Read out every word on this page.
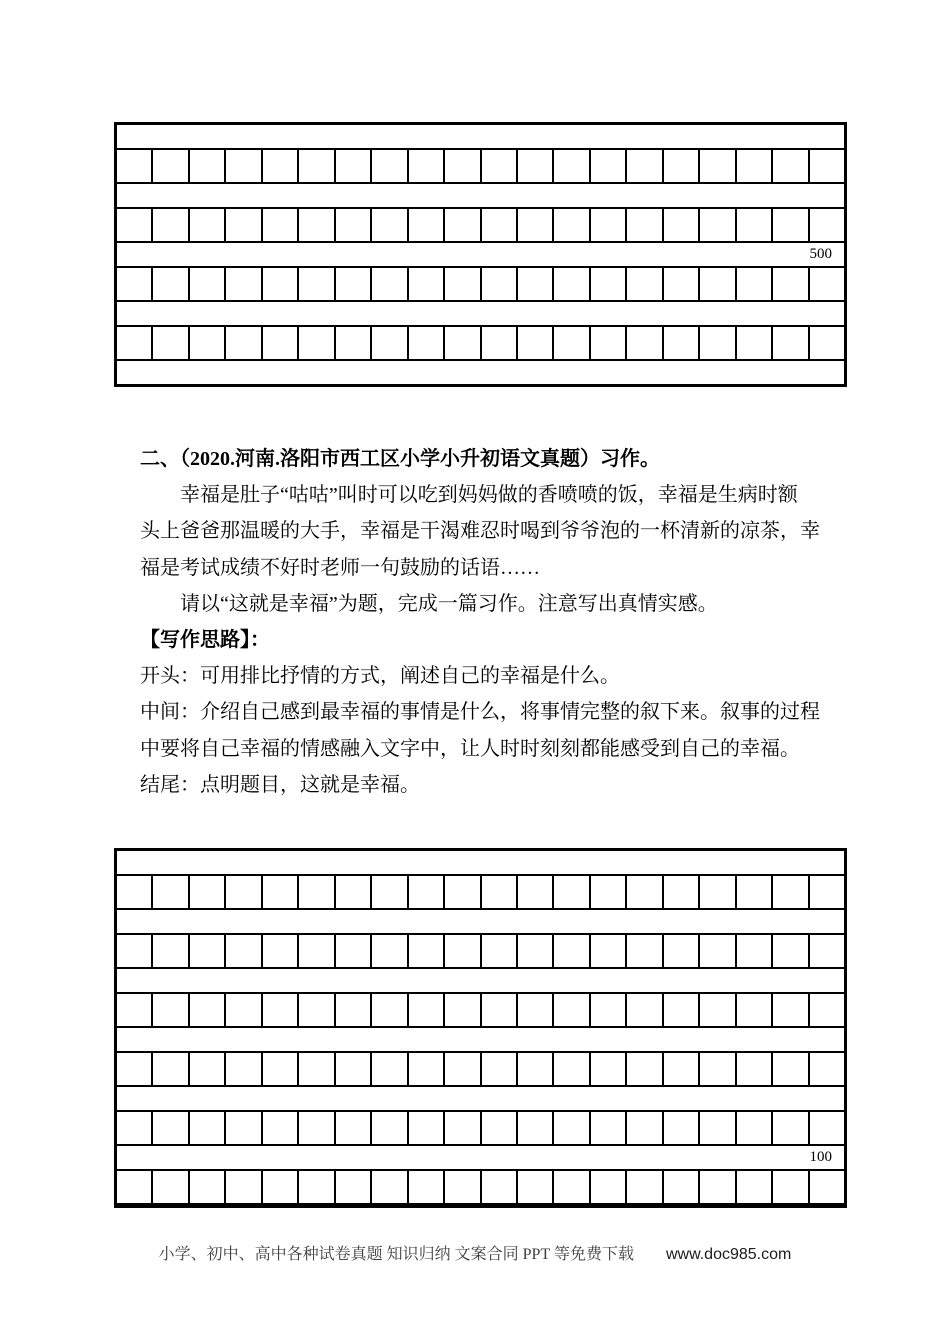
500
二、（2020.河南.洛阳市西工区小学小升初语文真题）习作。
幸福是肚子“咕咕”叫时可以吃到妈妈做的香喷喷的饭，幸福是生病时额
头上爸爸那温暖的大手，幸福是干渴难忍时喝到爷爷泡的一杯清新的凉茶，幸
福是考试成绩不好时老师一句鼓励的话语……
请以“这就是幸福”为题，完成一篇习作。注意写出真情实感。
【写作思路】：
开头：可用排比抒情的方式，阐述自己的幸福是什么。
中间：介绍自己感到最幸福的事情是什么，将事情完整的叙下来。叙事的过程
中要将自己幸福的情感融入文字中，让人时时刻刻都能感受到自己的幸福。
结尾：点明题目，这就是幸福。
100
小学、初中、高中各种试卷真题 知识归纳 文案合同 PPT 等免费下载 www.doc985.com
